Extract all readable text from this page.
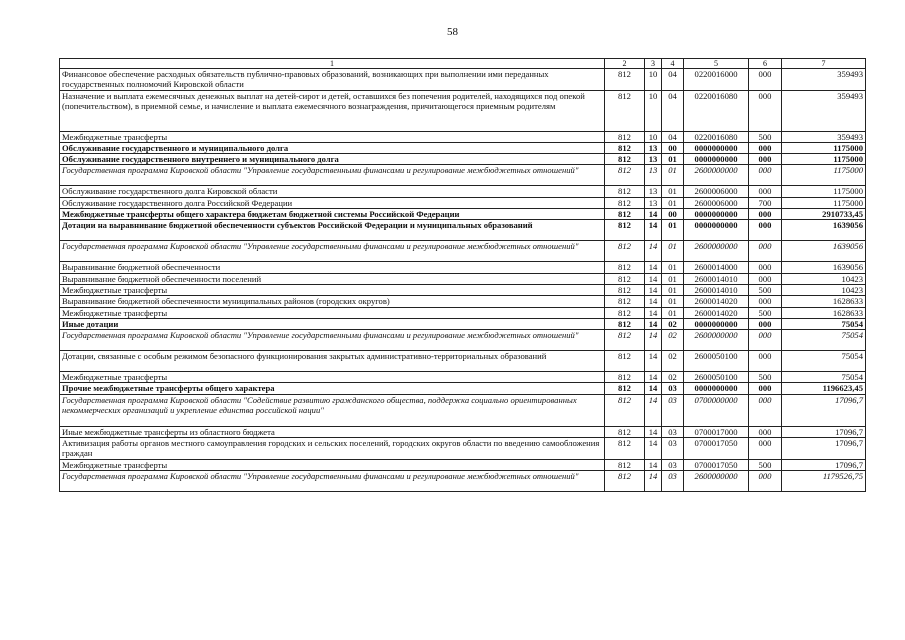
58
1	2	3	4	5	6	7
Финансовое обеспечение расходных обязательств публично-правовых образований, возникающих при выполнении ими переданных государственных полномочий Кировской области	812	10	04	0220016000	000	359493
Назначение и выплата ежемесячных денежных выплат на детей-сирот и детей, оставшихся без попечения родителей, находящихся под опекой (попечительством), в приемной семье, и начисление и выплата ежемесячного вознаграждения, причитающегося приемным родителям	812	10	04	0220016080	000	359493
Межбюджетные трансферты	812	10	04	0220016080	500	359493
Обслуживание государственного и муниципального долга	812	13	00	0000000000	000	1175000
Обслуживание государственного внутреннего и муниципального долга	812	13	01	0000000000	000	1175000
Государственная программа Кировской области "Управление государственными финансами и регулирование межбюджетных отношений"	812	13	01	2600000000	000	1175000
Обслуживание государственного долга Кировской области	812	13	01	2600006000	000	1175000
Обслуживание государственного долга Российской Федерации	812	13	01	2600006000	700	1175000
Межбюджетные трансферты общего характера бюджетам бюджетной системы Российской Федерации	812	14	00	0000000000	000	2910733,45
Дотации на выравнивание бюджетной обеспеченности субъектов Российской Федерации и муниципальных образований	812	14	01	0000000000	000	1639056
Государственная программа Кировской области "Управление государственными финансами и регулирование межбюджетных отношений"	812	14	01	2600000000	000	1639056
Выравнивание бюджетной обеспеченности	812	14	01	2600014000	000	1639056
Выравнивание бюджетной обеспеченности поселений	812	14	01	2600014010	000	10423
Межбюджетные трансферты	812	14	01	2600014010	500	10423
Выравнивание бюджетной обеспеченности муниципальных районов (городских округов)	812	14	01	2600014020	000	1628633
Межбюджетные трансферты	812	14	01	2600014020	500	1628633
Иные дотации	812	14	02	0000000000	000	75054
Государственная программа Кировской области "Управление государственными финансами и регулирование межбюджетных отношений"	812	14	02	2600000000	000	75054
Дотации, связанные с особым режимом безопасного функционирования закрытых административно-территориальных образований	812	14	02	2600050100	000	75054
Межбюджетные трансферты	812	14	02	2600050100	500	75054
Прочие межбюджетные трансферты общего характера	812	14	03	0000000000	000	1196623,45
Государственная программа Кировской области "Содействие развитию гражданского общества, поддержка социально ориентированных некоммерческих организаций и укрепление единства российской нации"	812	14	03	0700000000	000	17096,7
Иные межбюджетные трансферты из областного бюджета	812	14	03	0700017000	000	17096,7
Активизация работы органов местного самоуправления городских и сельских поселений, городских округов области по введению самообложения граждан	812	14	03	0700017050	000	17096,7
Межбюджетные трансферты	812	14	03	0700017050	500	17096,7
Государственная программа Кировской области "Управление государственными финансами и регулирование межбюджетных отношений"	812	14	03	2600000000	000	1179526,75
